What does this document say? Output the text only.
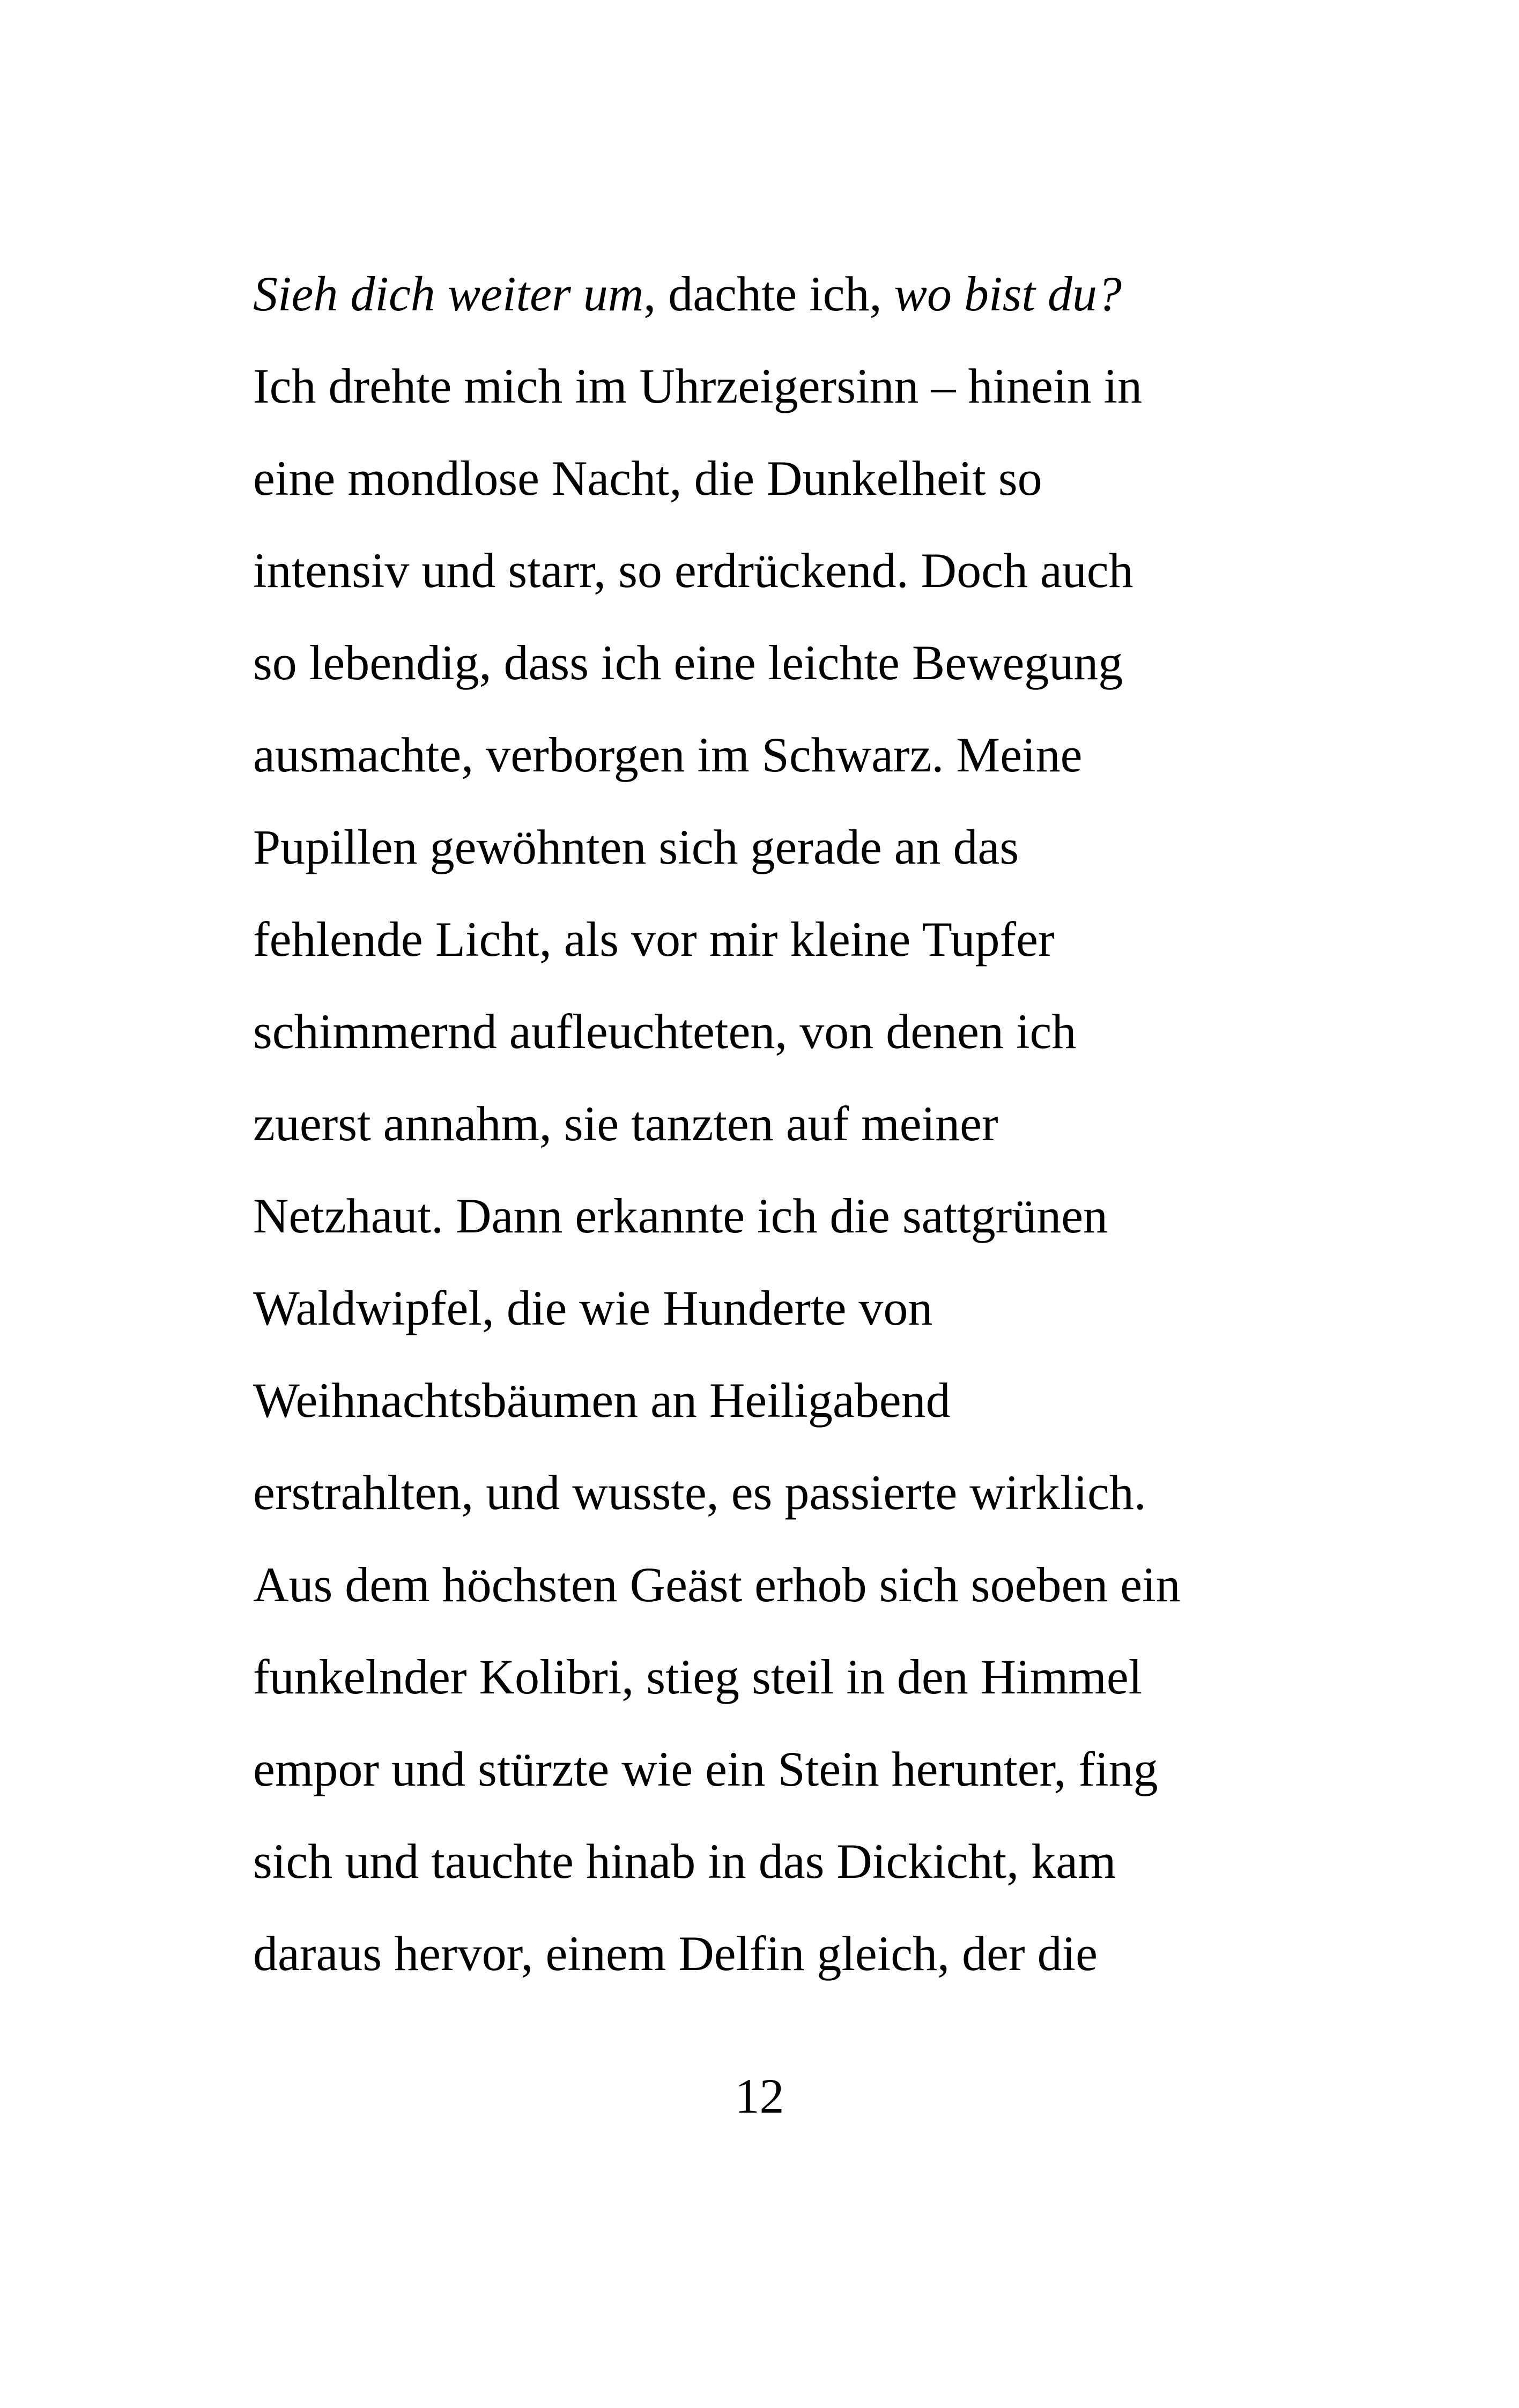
Sieh dich weiter um, dachte ich, wo bist du?
Ich drehte mich im Uhrzeigersinn – hinein in
eine mondlose Nacht, die Dunkelheit so
intensiv und starr, so erdrückend. Doch auch
so lebendig, dass ich eine leichte Bewegung
ausmachte, verborgen im Schwarz. Meine
Pupillen gewöhnten sich gerade an das
fehlende Licht, als vor mir kleine Tupfer
schimmernd aufleuchteten, von denen ich
zuerst annahm, sie tanzten auf meiner
Netzhaut. Dann erkannte ich die sattgrünen
Waldwipfel, die wie Hunderte von
Weihnachtsbäumen an Heiligabend
erstrahlten, und wusste, es passierte wirklich.
Aus dem höchsten Geäst erhob sich soeben ein
funkelnder Kolibri, stieg steil in den Himmel
empor und stürzte wie ein Stein herunter, fing
sich und tauchte hinab in das Dickicht, kam
daraus hervor, einem Delfin gleich, der die
12
